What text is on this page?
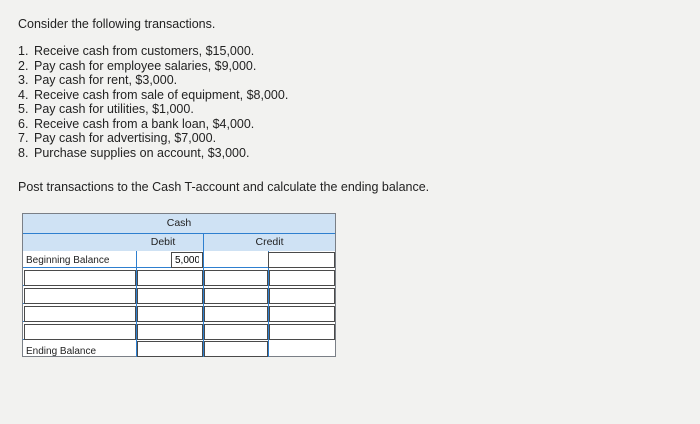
Consider the following transactions.
1. Receive cash from customers, $15,000.
2. Pay cash for employee salaries, $9,000.
3. Pay cash for rent, $3,000.
4. Receive cash from sale of equipment, $8,000.
5. Pay cash for utilities, $1,000.
6. Receive cash from a bank loan, $4,000.
7. Pay cash for advertising, $7,000.
8. Purchase supplies on account, $3,000.
Post transactions to the Cash T-account and calculate the ending balance.
Cash
Debit	Credit
Beginning Balance
5,000
Ending Balance
